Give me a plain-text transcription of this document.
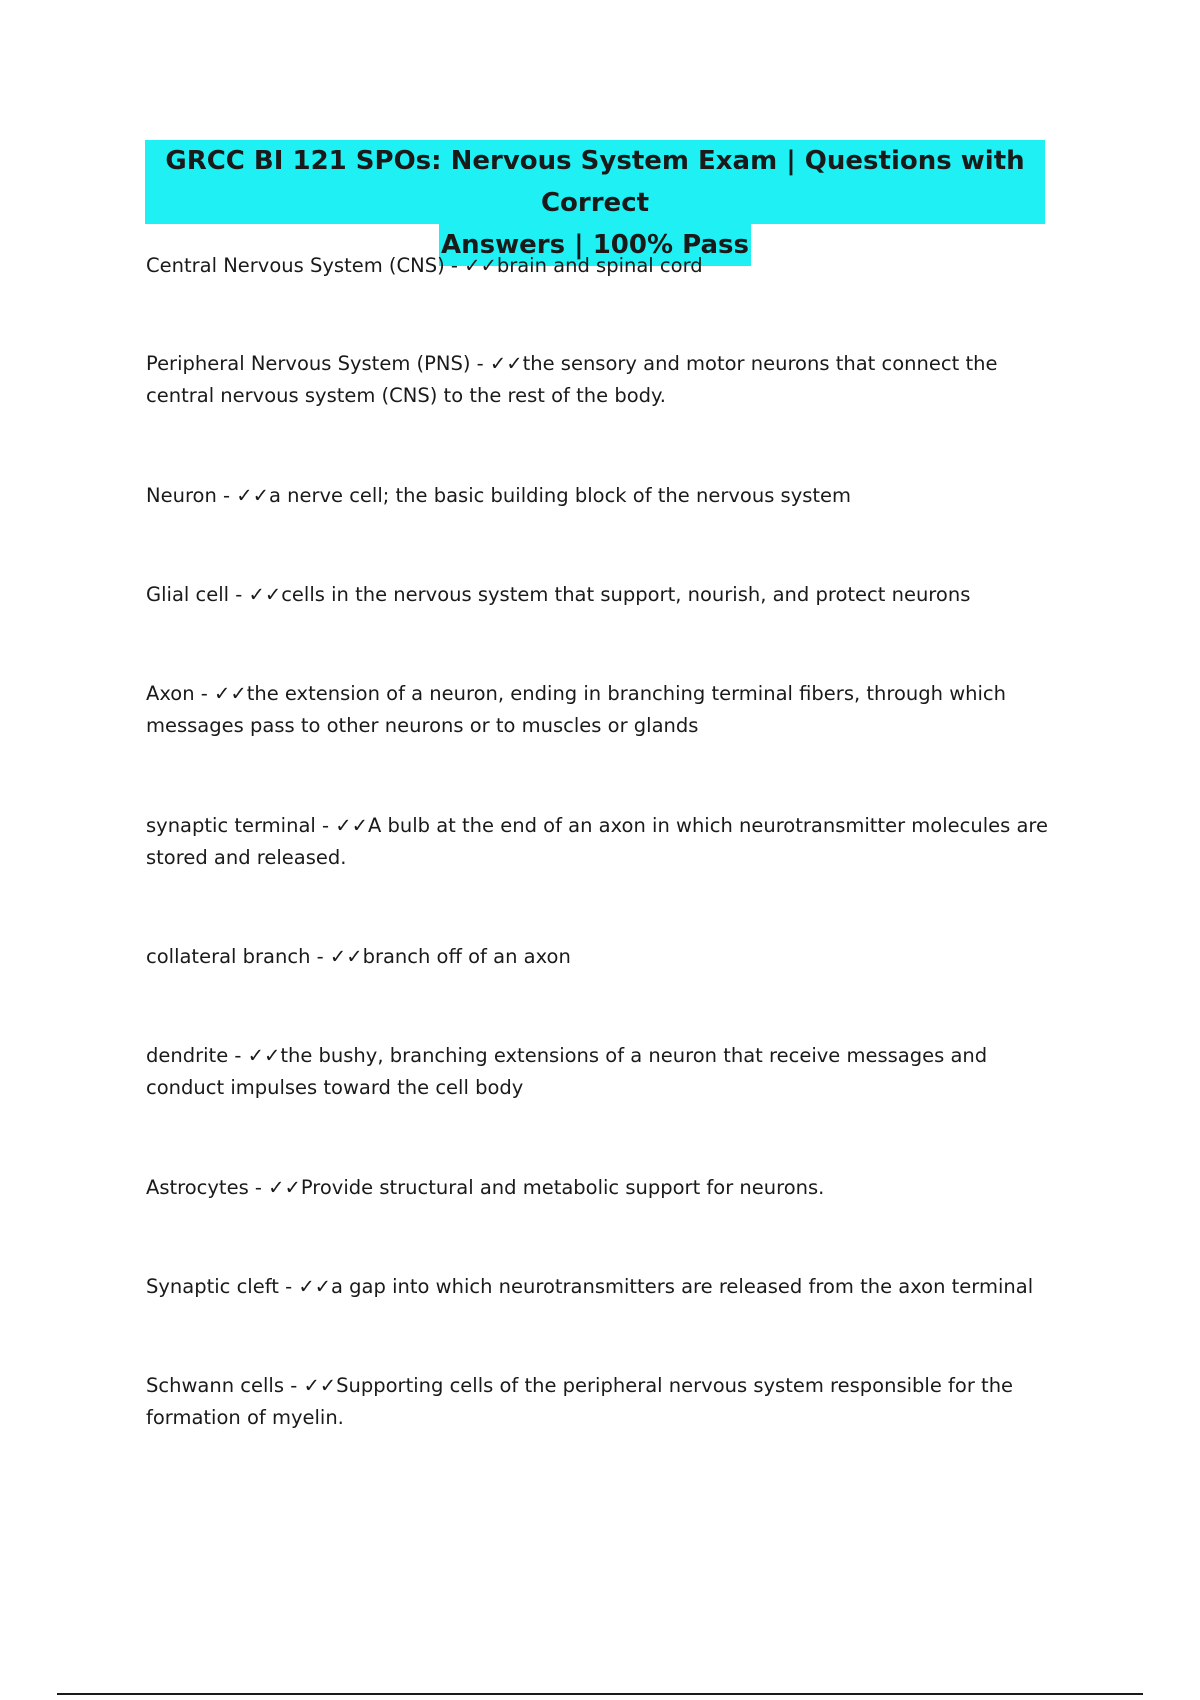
GRCC BI 121 SPOs: Nervous System Exam | Questions with Correct
Answers | 100% Pass
Central Nervous System (CNS) - ✓✓brain and spinal cord
Peripheral Nervous System (PNS) - ✓✓the sensory and motor neurons that connect the central nervous system (CNS) to the rest of the body.
Neuron - ✓✓a nerve cell; the basic building block of the nervous system
Glial cell - ✓✓cells in the nervous system that support, nourish, and protect neurons
Axon - ✓✓the extension of a neuron, ending in branching terminal fibers, through which messages pass to other neurons or to muscles or glands
synaptic terminal - ✓✓A bulb at the end of an axon in which neurotransmitter molecules are stored and released.
collateral branch - ✓✓branch off of an axon
dendrite - ✓✓the bushy, branching extensions of a neuron that receive messages and conduct impulses toward the cell body
Astrocytes - ✓✓Provide structural and metabolic support for neurons.
Synaptic cleft - ✓✓a gap into which neurotransmitters are released from the axon terminal
Schwann cells - ✓✓Supporting cells of the peripheral nervous system responsible for the formation of myelin.
